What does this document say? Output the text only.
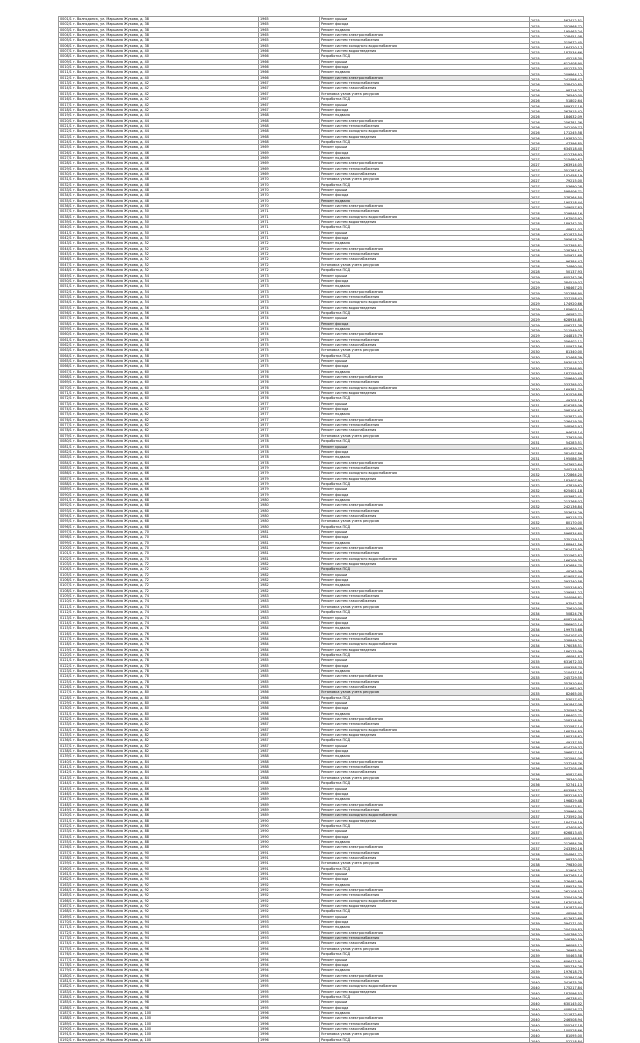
0001/1 г. Волгодонск, ул. Маршала Жукова, д. 38	1965	Ремонт крыши	2025 567412,51

0002/1 г. Волгодонск, ул. Маршала Жукова, д. 38	1965	Ремонт фасада	2025 352868,72

0003/1 г. Волгодонск, ул. Маршала Жукова, д. 38	1965	Ремонт подвала	2025 195463,24

0004/1 г. Волгодонск, ул. Маршала Жукова, д. 38	1965	Ремонт систем электроснабжения	2025 228451,08

0005/1 г. Волгодонск, ул. Маршала Жукова, д. 38	1965	Ремонт систем теплоснабжения	2025 315672,45

0006/1 г. Волгодонск, ул. Маршала Жукова, д. 38	1965	Ремонт систем холодного водоснабжения	2025 164320,17

0007/1 г. Волгодонск, ул. Маршала Жукова, д. 40	1966	Ремонт систем водоотведения	2025 187534,66

0008/1 г. Волгодонск, ул. Маршала Жукова, д. 40	1966	Разработка ПСД	2025 45218,30

0009/1 г. Волгодонск, ул. Маршала Жукова, д. 40	1966	Ремонт крыши	2025 612408,90

0010/1 г. Волгодонск, ул. Маршала Жукова, д. 40	1966	Ремонт фасада	2025 401275,33

0011/1 г. Волгодонск, ул. Маршала Жукова, д. 40	1966	Ремонт подвала	2025 209864,12

0012/1 г. Волгодонск, ул. Маршала Жукова, д. 40	1966	Ремонт систем электроснабжения	2025 241598,47

0013/1 г. Волгодонск, ул. Маршала Жукова, д. 42	1967	Ремонт систем теплоснабжения	2026 338420,85

0014/1 г. Волгодонск, ул. Маршала Жукова, д. 42	1967	Ремонт систем газоснабжения	2026 98716,23

0015/1 г. Волгодонск, ул. Маршала Жукова, д. 42	1967	Установка узлов учета ресурсов	2026 76540,00

0016/1 г. Волгодонск, ул. Маршала Жукова, д. 42	1967	Разработка ПСД	2026 51802,64

0017/1 г. Волгодонск, ул. Маршала Жукова, д. 42	1967	Ремонт крыши	2026 589327,18

0018/1 г. Волгодонск, ул. Маршала Жукова, д. 42	1967	Ремонт фасада	2026 367915,42

0019/1 г. Волгодонск, ул. Маршала Жукова, д. 44	1968	Ремонт подвала	2026 184632,09

0020/1 г. Волгодонск, ул. Маршала Жукова, д. 44	1968	Ремонт систем электроснабжения	2026 256781,36

0021/1 г. Волгодонск, ул. Маршала Жукова, д. 44	1968	Ремонт систем теплоснабжения	2026 342109,77

0022/1 г. Волгодонск, ул. Маршала Жукова, д. 44	1968	Ремонт систем холодного водоснабжения	2026 171245,58

0023/1 г. Волгодонск, ул. Маршала Жукова, д. 44	1968	Ремонт систем водоотведения	2026 193870,21

0024/1 г. Волгодонск, ул. Маршала Жукова, д. 44	1968	Разработка ПСД	2026 47396,85

0025/1 г. Волгодонск, ул. Маршала Жукова, д. 46	1969	Ремонт крыши	2027 634518,40

0026/1 г. Волгодонск, ул. Маршала Жукова, д. 46	1969	Ремонт фасада	2027 412736,93

0027/1 г. Волгодонск, ул. Маршала Жукова, д. 46	1969	Ремонт подвала	2027 215480,67

0028/1 г. Волгодонск, ул. Маршала Жукова, д. 46	1969	Ремонт систем электроснабжения	2027 263914,05

0029/1 г. Волгодонск, ул. Маршала Жукова, д. 46	1969	Ремонт систем теплоснабжения	2027 351287,62

0030/1 г. Волгодонск, ул. Маршала Жукова, д. 46	1969	Ремонт систем газоснабжения	2027 102458,19

0031/1 г. Волгодонск, ул. Маршала Жукова, д. 48	1970	Установка узлов учета ресурсов	2027 79215,00

0032/1 г. Волгодонск, ул. Маршала Жукова, д. 48	1970	Разработка ПСД	2027 53690,28

0033/1 г. Волгодонск, ул. Маршала Жукова, д. 48	1970	Ремонт крыши	2027 598406,71

0034/1 г. Волгодонск, ул. Маршала Жукова, д. 48	1970	Ремонт фасада	2027 378264,50

0035/1 г. Волгодонск, ул. Маршала Жукова, д. 48	1970	Ремонт подвала	2027 190318,44

0036/1 г. Волгодонск, ул. Маршала Жукова, д. 48	1970	Ремонт систем электроснабжения	2027 249057,83

0037/1 г. Волгодонск, ул. Маршала Жукова, д. 50	1971	Ремонт систем теплоснабжения	2028 329846,16

0038/1 г. Волгодонск, ул. Маршала Жукова, д. 50	1971	Ремонт систем холодного водоснабжения	2028 167503,92

0039/1 г. Волгодонск, ул. Маршала Жукова, д. 50	1971	Ремонт систем водоотведения	2028 189742,35

0040/1 г. Волгодонск, ул. Маршала Жукова, д. 50	1971	Разработка ПСД	2028 48921,07

0041/1 г. Волгодонск, ул. Маршала Жукова, д. 50	1971	Ремонт крыши	2028 621873,54

0042/1 г. Волгодонск, ул. Маршала Жукова, д. 50	1971	Ремонт фасада	2028 395618,29

0043/1 г. Волгодонск, ул. Маршала Жукова, д. 52	1972	Ремонт подвала	2028 207395,81

0044/1 г. Волгодонск, ул. Маршала Жукова, д. 52	1972	Ремонт систем электроснабжения	2028 238764,12

0045/1 г. Волгодонск, ул. Маршала Жукова, д. 52	1972	Ремонт систем теплоснабжения	2028 345921,68

0046/1 г. Волгодонск, ул. Маршала Жукова, д. 52	1972	Ремонт систем газоснабжения	2028 96384,47

0047/1 г. Волгодонск, ул. Маршала Жукова, д. 52	1972	Установка узлов учета ресурсов	2028 74860,00

0048/1 г. Волгодонск, ул. Маршала Жукова, д. 52	1972	Разработка ПСД	2028 50137,93

0049/1 г. Волгодонск, ул. Маршала Жукова, д. 54	1973	Ремонт крыши	2029 605742,36

0050/1 г. Волгодонск, ул. Маршала Жукова, д. 54	1973	Ремонт фасада	2029 384519,07

0051/1 г. Волгодонск, ул. Маршала Жукова, д. 54	1973	Ремонт подвала	2029 198467,25

0052/1 г. Волгодонск, ул. Маршала Жукова, д. 54	1973	Ремонт систем электроснабжения	2029 252386,90

0053/1 г. Волгодонск, ул. Маршала Жукова, д. 54	1973	Ремонт систем теплоснабжения	2029 337158,43

0054/1 г. Волгодонск, ул. Маршала Жукова, д. 54	1973	Ремонт систем холодного водоснабжения	2029 174920,66

0055/1 г. Волгодонск, ул. Маршала Жукова, д. 56	1974	Ремонт систем водоотведения	2029 185603,14

0056/1 г. Волгодонск, ул. Маршала Жукова, д. 56	1974	Разработка ПСД	2029 46582,71

0057/1 г. Волгодонск, ул. Маршала Жукова, д. 56	1974	Ремонт крыши	2029 628934,85

0058/1 г. Волгодонск, ул. Маршала Жукова, д. 56	1974	Ремонт фасада	2029 406271,38

0059/1 г. Волгодонск, ул. Маршала Жукова, д. 56	1974	Ремонт подвала	2029 211549,02

0060/1 г. Волгодонск, ул. Маршала Жукова, д. 56	1974	Ремонт систем электроснабжения	2029 244815,79

0061/1 г. Волгодонск, ул. Маршала Жукова, д. 58	1975	Ремонт систем теплоснабжения	2030 356402,11

0062/1 г. Волгодонск, ул. Маршала Жукова, д. 58	1975	Ремонт систем газоснабжения	2030 100973,56

0063/1 г. Волгодонск, ул. Маршала Жукова, д. 58	1975	Установка узлов учета ресурсов	2030 81340,00

0064/1 г. Волгодонск, ул. Маршала Жукова, д. 58	1975	Разработка ПСД	2030 52468,39

0065/1 г. Волгодонск, ул. Маршала Жукова, д. 58	1975	Ремонт крыши	2030 593018,27

0066/1 г. Волгодонск, ул. Маршала Жукова, д. 58	1975	Ремонт фасада	2030 372846,95

0067/1 г. Волгодонск, ул. Маршала Жукова, д. 60	1976	Ремонт подвала	2030 187259,63

0068/1 г. Волгодонск, ул. Маршала Жукова, д. 60	1976	Ремонт систем электроснабжения	2030 259640,48

0069/1 г. Волгодонск, ул. Маршала Жукова, д. 60	1976	Ремонт систем теплоснабжения	2030 333795,02

0070/1 г. Волгодонск, ул. Маршала Жукова, д. 60	1976	Ремонт систем холодного водоснабжения	2030 169381,74

0071/1 г. Волгодонск, ул. Маршала Жукова, д. 60	1976	Ремонт систем водоотведения	2030 191526,88

0072/1 г. Волгодонск, ул. Маршала Жукова, д. 60	1976	Разработка ПСД	2030 49705,16

0073/1 г. Волгодонск, ул. Маршала Жукова, д. 62	1977	Ремонт крыши	2031 616285,09

0074/1 г. Волгодонск, ул. Маршала Жукова, д. 62	1977	Ремонт фасада	2031 398104,62

0075/1 г. Волгодонск, ул. Маршала Жукова, д. 62	1977	Ремонт подвала	2031 203872,45

0076/1 г. Волгодонск, ул. Маршала Жукова, д. 62	1977	Ремонт систем электроснабжения	2031 236419,30

0077/1 г. Волгодонск, ул. Маршала Жукова, д. 62	1977	Ремонт систем теплоснабжения	2031 348563,97

0078/1 г. Волгодонск, ул. Маршала Жукова, д. 62	1977	Ремонт систем газоснабжения	2031 94628,14

0079/1 г. Волгодонск, ул. Маршала Жукова, д. 64	1978	Установка узлов учета ресурсов	2031 77925,00

0080/1 г. Волгодонск, ул. Маршала Жукова, д. 64	1978	Разработка ПСД	2031 54283,51

0081/1 г. Волгодонск, ул. Маршала Жукова, д. 64	1978	Ремонт крыши	2031 601639,72

0082/1 г. Волгодонск, ул. Маршала Жукова, д. 64	1978	Ремонт фасада	2031 381457,86

0083/1 г. Волгодонск, ул. Маршала Жукова, д. 64	1978	Ремонт подвала	2031 195086,39

0084/1 г. Волгодонск, ул. Маршала Жукова, д. 64	1978	Ремонт систем электроснабжения	2031 247952,64

0085/1 г. Волгодонск, ул. Маршала Жукова, д. 66	1979	Ремонт систем теплоснабжения	2032 340218,53

0086/1 г. Волгодонск, ул. Маршала Жукова, д. 66	1979	Ремонт систем холодного водоснабжения	2032 172864,20

0087/1 г. Волгодонск, ул. Маршала Жукова, д. 66	1979	Ремонт систем водоотведения	2032 183407,95

0088/1 г. Волгодонск, ул. Маршала Жукова, д. 66	1979	Разработка ПСД	2032 47819,62

0089/1 г. Волгодонск, ул. Маршала Жукова, д. 66	1979	Ремонт крыши	2032 625401,18

0090/1 г. Волгодонск, ул. Маршала Жукова, д. 66	1979	Ремонт фасада	2032 403982,41

0091/1 г. Волгодонск, ул. Маршала Жукова, д. 68	1980	Ремонт подвала	2032 213768,07

0092/1 г. Волгодонск, ул. Маршала Жукова, д. 68	1980	Ремонт систем электроснабжения	2032 242136,84

0093/1 г. Волгодонск, ул. Маршала Жукова, д. 68	1980	Ремонт систем теплоснабжения	2032 353674,29

0094/1 г. Волгодонск, ул. Маршала Жукова, д. 68	1980	Ремонт систем газоснабжения	2032 99215,73

0095/1 г. Волгодонск, ул. Маршала Жукова, д. 68	1980	Установка узлов учета ресурсов	2032 80170,00

0096/1 г. Волгодонск, ул. Маршала Жукова, д. 68	1980	Разработка ПСД	2032 51360,48

0097/1 г. Волгодонск, ул. Маршала Жукова, д. 70	1981	Ремонт крыши	2033 596834,60

0098/1 г. Волгодонск, ул. Маршала Жукова, д. 70	1981	Ремонт фасада	2033 375129,13

0099/1 г. Волгодонск, ул. Маршала Жукова, д. 70	1981	Ремонт подвала	2033 188941,56

0100/1 г. Волгодонск, ул. Маршала Жукова, д. 70	1981	Ремонт систем электроснабжения	2033 261473,92

0101/1 г. Волгодонск, ул. Маршала Жукова, д. 70	1981	Ремонт систем теплоснабжения	2033 331562,87

0102/1 г. Волгодонск, ул. Маршала Жукова, д. 70	1981	Ремонт систем холодного водоснабжения	2033 166209,35

0103/1 г. Волгодонск, ул. Маршала Жукова, д. 72	1982	Ремонт систем водоотведения	2033 192684,70

0104/1 г. Волгодонск, ул. Маршала Жукова, д. 72	1982	Разработка ПСД	2033 48263,09

0105/1 г. Волгодонск, ул. Маршала Жукова, д. 72	1982	Ремонт крыши	2033 619057,44

0106/1 г. Волгодонск, ул. Маршала Жукова, д. 72	1982	Ремонт фасада	2033 393740,58

0107/1 г. Волгодонск, ул. Маршала Жукова, д. 72	1982	Ремонт подвала	2033 205316,92

0108/1 г. Волгодонск, ул. Маршала Жукова, д. 72	1982	Ремонт систем электроснабжения	2033 239581,27

0109/1 г. Волгодонск, ул. Маршала Жукова, д. 74	1983	Ремонт систем теплоснабжения	2034 344096,81

0110/1 г. Волгодонск, ул. Маршала Жукова, д. 74	1983	Ремонт систем газоснабжения	2034 97542,38

0111/1 г. Волгодонск, ул. Маршала Жукова, д. 74	1983	Установка узлов учета ресурсов	2034 75610,00

0112/1 г. Волгодонск, ул. Маршала Жукова, д. 74	1983	Разработка ПСД	2034 50824,76

0113/1 г. Волгодонск, ул. Маршала Жукова, д. 74	1983	Ремонт крыши	2034 608216,95

0114/1 г. Волгодонск, ул. Маршала Жукова, д. 74	1983	Ремонт фасада	2034 386902,14

0115/1 г. Волгодонск, ул. Маршала Жукова, д. 76	1984	Ремонт подвала	2034 199753,68

0116/1 г. Волгодонск, ул. Маршала Жукова, д. 76	1984	Ремонт систем электроснабжения	2034 254107,43

0117/1 г. Волгодонск, ул. Маршала Жукова, д. 76	1984	Ремонт систем теплоснабжения	2034 338849,20

0118/1 г. Волгодонск, ул. Маршала Жукова, д. 76	1984	Ремонт систем холодного водоснабжения	2034 176038,51

0119/1 г. Волгодонск, ул. Маршала Жукова, д. 76	1984	Ремонт систем водоотведения	2034 186275,09

0120/1 г. Волгодонск, ул. Маршала Жукова, д. 76	1984	Разработка ПСД	2034 46091,87

0121/1 г. Волгодонск, ул. Маршала Жукова, д. 78	1985	Ремонт крыши	2035 631672,33

0122/1 г. Волгодонск, ул. Маршала Жукова, д. 78	1985	Ремонт фасада	2035 409358,70

0123/1 г. Волгодонск, ул. Маршала Жукова, д. 78	1985	Ремонт подвала	2035 210437,16

0124/1 г. Волгодонск, ул. Маршала Жукова, д. 78	1985	Ремонт систем электроснабжения	2035 245729,55

0125/1 г. Волгодонск, ул. Маршала Жукова, д. 78	1985	Ремонт систем теплоснабжения	2035 357910,64

0126/1 г. Волгодонск, ул. Маршала Жукова, д. 78	1985	Ремонт систем газоснабжения	2035 101682,97

0127/1 г. Волгодонск, ул. Маршала Жукова, д. 80	1986	Установка узлов учета ресурсов	2035 82465,00

0128/1 г. Волгодонск, ул. Маршала Жукова, д. 80	1986	Разработка ПСД	2035 53017,42

0129/1 г. Волгодонск, ул. Маршала Жукова, д. 80	1986	Ремонт крыши	2035 591847,08

0130/1 г. Волгодонск, ул. Маршала Жукова, д. 80	1986	Ремонт фасада	2035 370593,26

0131/1 г. Волгодонск, ул. Маршала Жукова, д. 80	1986	Ремонт подвала	2035 186402,71

0132/1 г. Волгодонск, ул. Маршала Жукова, д. 80	1986	Ремонт систем электроснабжения	2035 258316,90

0133/1 г. Волгодонск, ул. Маршала Жукова, д. 82	1987	Ремонт систем теплоснабжения	2036 332587,14

0134/1 г. Волгодонск, ул. Маршала Жукова, д. 82	1987	Ремонт систем холодного водоснабжения	2036 168754,83

0135/1 г. Волгодонск, ул. Маршала Жукова, д. 82	1987	Ремонт систем водоотведения	2036 190318,62

0136/1 г. Волгодонск, ул. Маршала Жукова, д. 82	1987	Разработка ПСД	2036 49137,55

0137/1 г. Волгодонск, ул. Маршала Жукова, д. 82	1987	Ремонт крыши	2036 614729,37

0138/1 г. Волгодонск, ул. Маршала Жукова, д. 82	1987	Ремонт фасада	2036 396827,19

0139/1 г. Волгодонск, ул. Маршала Жукова, д. 84	1988	Ремонт подвала	2036 202591,04

0140/1 г. Волгодонск, ул. Маршала Жукова, д. 84	1988	Ремонт систем электроснабжения	2036 237248,76

0141/1 г. Волгодонск, ул. Маршала Жукова, д. 84	1988	Ремонт систем теплоснабжения	2036 347205,48

0142/1 г. Волгодонск, ул. Маршала Жукова, д. 84	1988	Ремонт систем газоснабжения	2036 95817,60

0143/1 г. Волгодонск, ул. Маршала Жукова, д. 84	1988	Установка узлов учета ресурсов	2036 78340,00

0144/1 г. Волгодонск, ул. Маршала Жукова, д. 84	1988	Разработка ПСД	2036 52741,13

0145/1 г. Волгодонск, ул. Маршала Жукова, д. 86	1989	Ремонт крыши	2037 603584,22

0146/1 г. Волгодонск, ул. Маршала Жукова, д. 86	1989	Ремонт фасада	2037 383216,57

0147/1 г. Волгодонск, ул. Маршала Жукова, д. 86	1989	Ремонт подвала	2037 196829,48

0148/1 г. Волгодонск, ул. Маршала Жукова, д. 86	1989	Ремонт систем электроснабжения	2037 250473,81

0149/1 г. Волгодонск, ул. Маршала Жукова, д. 86	1989	Ремонт систем теплоснабжения	2037 339964,05

0150/1 г. Волгодонск, ул. Маршала Жукова, д. 86	1989	Ремонт систем холодного водоснабжения	2037 173592,34

0151/1 г. Волгодонск, ул. Маршала Жукова, д. 88	1990	Ремонт систем водоотведения	2037 184726,19

0152/1 г. Волгодонск, ул. Маршала Жукова, д. 88	1990	Разработка ПСД	2037 47405,92

0153/1 г. Волгодонск, ул. Маршала Жукова, д. 88	1990	Ремонт крыши	2037 626813,45

0154/1 г. Волгодонск, ул. Маршала Жукова, д. 88	1990	Ремонт фасада	2037 405148,83

0155/1 г. Волгодонск, ул. Маршала Жукова, д. 88	1990	Ремонт подвала	2037 212684,39

0156/1 г. Волгодонск, ул. Маршала Жукова, д. 88	1990	Ремонт систем электроснабжения	2037 243390,16

0157/1 г. Волгодонск, ул. Маршала Жукова, д. 90	1991	Ремонт систем теплоснабжения	2038 354861,72

0158/1 г. Волгодонск, ул. Маршала Жукова, д. 90	1991	Ремонт систем газоснабжения	2038 98370,05

0159/1 г. Волгодонск, ул. Маршала Жукова, д. 90	1991	Установка узлов учета ресурсов	2038 79830,00

0160/1 г. Волгодонск, ул. Маршала Жукова, д. 90	1991	Разработка ПСД	2038 51904,27

0161/1 г. Волгодонск, ул. Маршала Жукова, д. 90	1991	Ремонт крыши	2038 597265,14

0162/1 г. Волгодонск, ул. Маршала Жукова, д. 90	1991	Ремонт фасада	2038 376482,69

0163/1 г. Волгодонск, ул. Маршала Жукова, д. 92	1992	Ремонт подвала	2038 189574,30

0164/1 г. Волгодонск, ул. Маршала Жукова, д. 92	1992	Ремонт систем электроснабжения	2038 262108,57

0165/1 г. Волгодонск, ул. Маршала Жукова, д. 92	1992	Ремонт систем теплоснабжения	2038 330419,26

0166/1 г. Волгодонск, ул. Маршала Жукова, д. 92	1992	Ремонт систем холодного водоснабжения	2038 167028,91

0167/1 г. Волгодонск, ул. Маршала Жукова, д. 92	1992	Ремонт систем водоотведения	2038 191873,44

0168/1 г. Волгодонск, ул. Маршала Жукова, д. 92	1992	Разработка ПСД	2038 48596,30

0169/1 г. Волгодонск, ул. Маршала Жукова, д. 94	1993	Ремонт крыши	2039 617932,68

0170/1 г. Волгодонск, ул. Маршала Жукова, д. 94	1993	Ремонт фасада	2039 394271,05

0171/1 г. Волгодонск, ул. Маршала Жукова, д. 94	1993	Ремонт подвала	2039 204159,83

0172/1 г. Волгодонск, ул. Маршала Жукова, д. 94	1993	Ремонт систем электроснабжения	2039 240786,22

0173/1 г. Волгодонск, ул. Маршала Жукова, д. 94	1993	Ремонт систем теплоснабжения	2039 346380,59

0174/1 г. Волгодонск, ул. Маршала Жукова, д. 94	1993	Ремонт систем газоснабжения	2039 96095,12

0175/1 г. Волгодонск, ул. Маршала Жукова, д. 96	1994	Установка узлов учета ресурсов	2039 76985,00

0176/1 г. Волгодонск, ул. Маршала Жукова, д. 96	1994	Разработка ПСД	2039 50463,58

0177/1 г. Волгодонск, ул. Маршала Жукова, д. 96	1994	Ремонт крыши	2039 606473,91

0178/1 г. Волгодонск, ул. Маршала Жукова, д. 96	1994	Ремонт фасада	2039 385734,28

0179/1 г. Волгодонск, ул. Маршала Жукова, д. 96	1994	Ремонт подвала	2039 197618,75

0180/1 г. Волгодонск, ул. Маршала Жукова, д. 96	1994	Ремонт систем электроснабжения	2039 253847,06

0181/1 г. Волгодонск, ул. Маршала Жукова, д. 98	1995	Ремонт систем теплоснабжения	2040 341675,39

0182/1 г. Волгодонск, ул. Маршала Жукова, д. 98	1995	Ремонт систем холодного водоснабжения	2040 175217,84

0183/1 г. Волгодонск, ул. Маршала Жукова, д. 98	1995	Ремонт систем водоотведения	2040 187096,53

0184/1 г. Волгодонск, ул. Маршала Жукова, д. 98	1995	Разработка ПСД	2040 46738,41

0185/1 г. Волгодонск, ул. Маршала Жукова, д. 98	1995	Ремонт крыши	2040 630145,02

0186/1 г. Волгодонск, ул. Маршала Жукова, д. 98	1995	Ремонт фасада	2040 408016,77

0187/1 г. Волгодонск, ул. Маршала Жукова, д. 100	1996	Ремонт подвала	2040 211872,60

0188/1 г. Волгодонск, ул. Маршала Жукова, д. 100	1996	Ремонт систем электроснабжения	2040 246508,94

0189/1 г. Волгодонск, ул. Маршала Жукова, д. 100	1996	Ремонт систем теплоснабжения	2040 355247,18

0190/1 г. Волгодонск, ул. Маршала Жукова, д. 100	1996	Ремонт систем газоснабжения	2040 100528,66

0191/1 г. Волгодонск, ул. Маршала Жукова, д. 100	1996	Установка узлов учета ресурсов	2040 81095,00

0192/1 г. Волгодонск, ул. Маршала Жукова, д. 100	1996	Разработка ПСД	2040 52218,84
